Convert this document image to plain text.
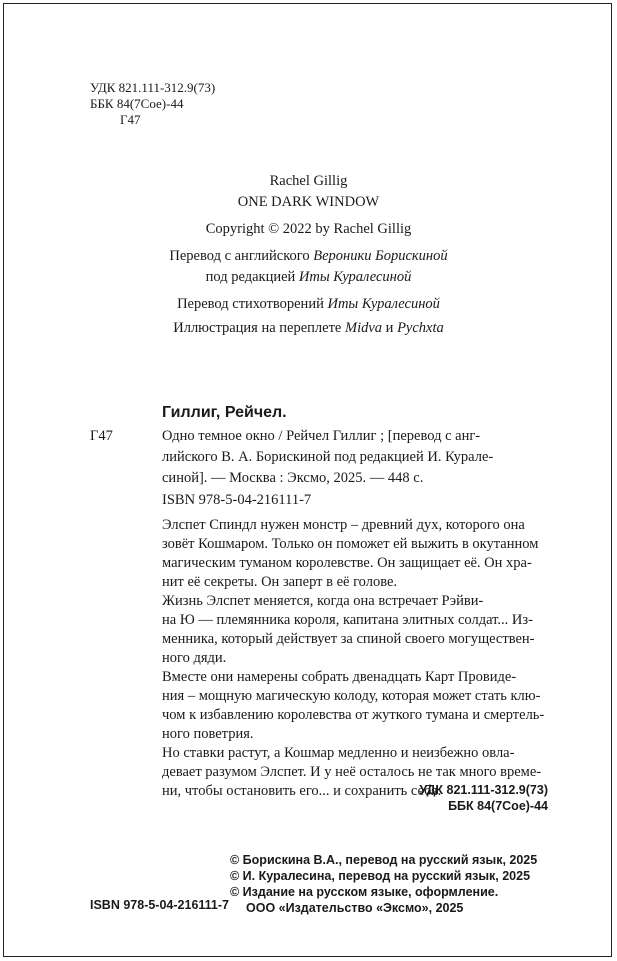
УДК 821.111-312.9(73)
ББК 84(7Сое)-44
Г47
Rachel Gillig
ONE DARK WINDOW
Copyright © 2022 by Rachel Gillig
Перевод с английского Вероники Борискиной
под редакцией Иты Куралесиной
Перевод стихотворений Иты Куралесиной
Иллюстрация на переплете Midva и Pychxta
Гиллиг, Рейчел.
Г47	Одно темное окно / Рейчел Гиллиг ; [перевод с анг-
лийского В. А. Борискиной под редакцией И. Курале-
синой]. — Москва : Эксмо, 2025. — 448 с.
ISBN 978-5-04-216111-7
Элспет Спиндл нужен монстр – древний дух, которого она
зовёт Кошмаром. Только он поможет ей выжить в окутанном
магическим туманом королевстве. Он защищает её. Он хра-
нит её секреты. Он заперт в её голове.
Жизнь Элспет меняется, когда она встречает Рэйви-
на Ю — племянника короля, капитана элитных солдат... Из-
менника, который действует за спиной своего могуществен-
ного дяди.
Вместе они намерены собрать двенадцать Карт Провиде-
ния – мощную магическую колоду, которая может стать клю-
чом к избавлению королевства от жуткого тумана и смертель-
ного поветрия.
Но ставки растут, а Кошмар медленно и неизбежно овла-
девает разумом Элспет. И у неё осталось не так много време-
ни, чтобы остановить его... и сохранить себя.
УДК 821.111-312.9(73)
ББК 84(7Сое)-44
© Борискина В.А., перевод на русский язык, 2025
© И. Куралесина, перевод на русский язык, 2025
© Издание на русском языке, оформление.
ООО «Издательство «Эксмо», 2025
ISBN 978-5-04-216111-7
